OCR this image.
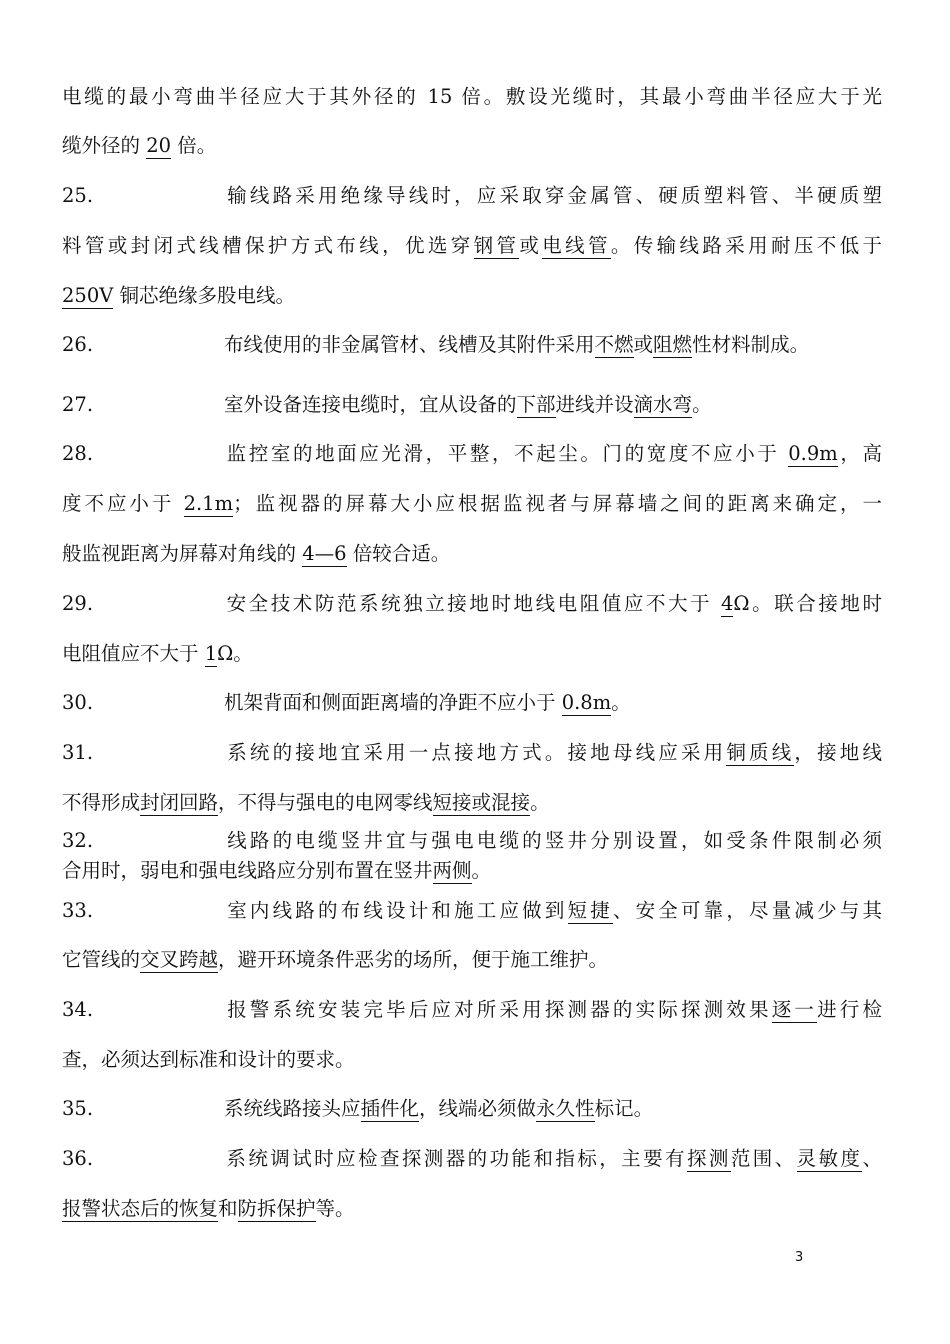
电缆的最小弯曲半径应大于其外径的 15 倍。敷设光缆时，其最小弯曲半径应大于光
缆外径的 20 倍。
25.	输线路采用绝缘导线时，应采取穿金属管、硬质塑料管、半硬质塑
料管或封闭式线槽保护方式布线，优选穿钢管或电线管。传输线路采用耐压不低于
250V 铜芯绝缘多股电线。
26.	布线使用的非金属管材、线槽及其附件采用不燃或阻燃性材料制成。
27.	室外设备连接电缆时，宜从设备的下部进线并设滴水弯。
28.	监控室的地面应光滑，平整，不起尘。门的宽度不应小于 0.9m，高
度不应小于 2.1m；监视器的屏幕大小应根据监视者与屏幕墙之间的距离来确定，一
般监视距离为屏幕对角线的 4—6 倍较合适。
29.	安全技术防范系统独立接地时地线电阻值应不大于 4Ω。联合接地时
电阻值应不大于 1Ω。
30.	机架背面和侧面距离墙的净距不应小于 0.8m。
31.	系统的接地宜采用一点接地方式。接地母线应采用铜质线，接地线
不得形成封闭回路，不得与强电的电网零线短接或混接。
32.	线路的电缆竖井宜与强电电缆的竖井分别设置，如受条件限制必须
合用时，弱电和强电线路应分别布置在竖井两侧。
33.	室内线路的布线设计和施工应做到短捷、安全可靠，尽量减少与其
它管线的交叉跨越，避开环境条件恶劣的场所，便于施工维护。
34.	报警系统安装完毕后应对所采用探测器的实际探测效果逐一进行检
查，必须达到标准和设计的要求。
35.	系统线路接头应插件化，线端必须做永久性标记。
36.	系统调试时应检查探测器的功能和指标，主要有探测范围、灵敏度、
报警状态后的恢复和防拆保护等。
3
